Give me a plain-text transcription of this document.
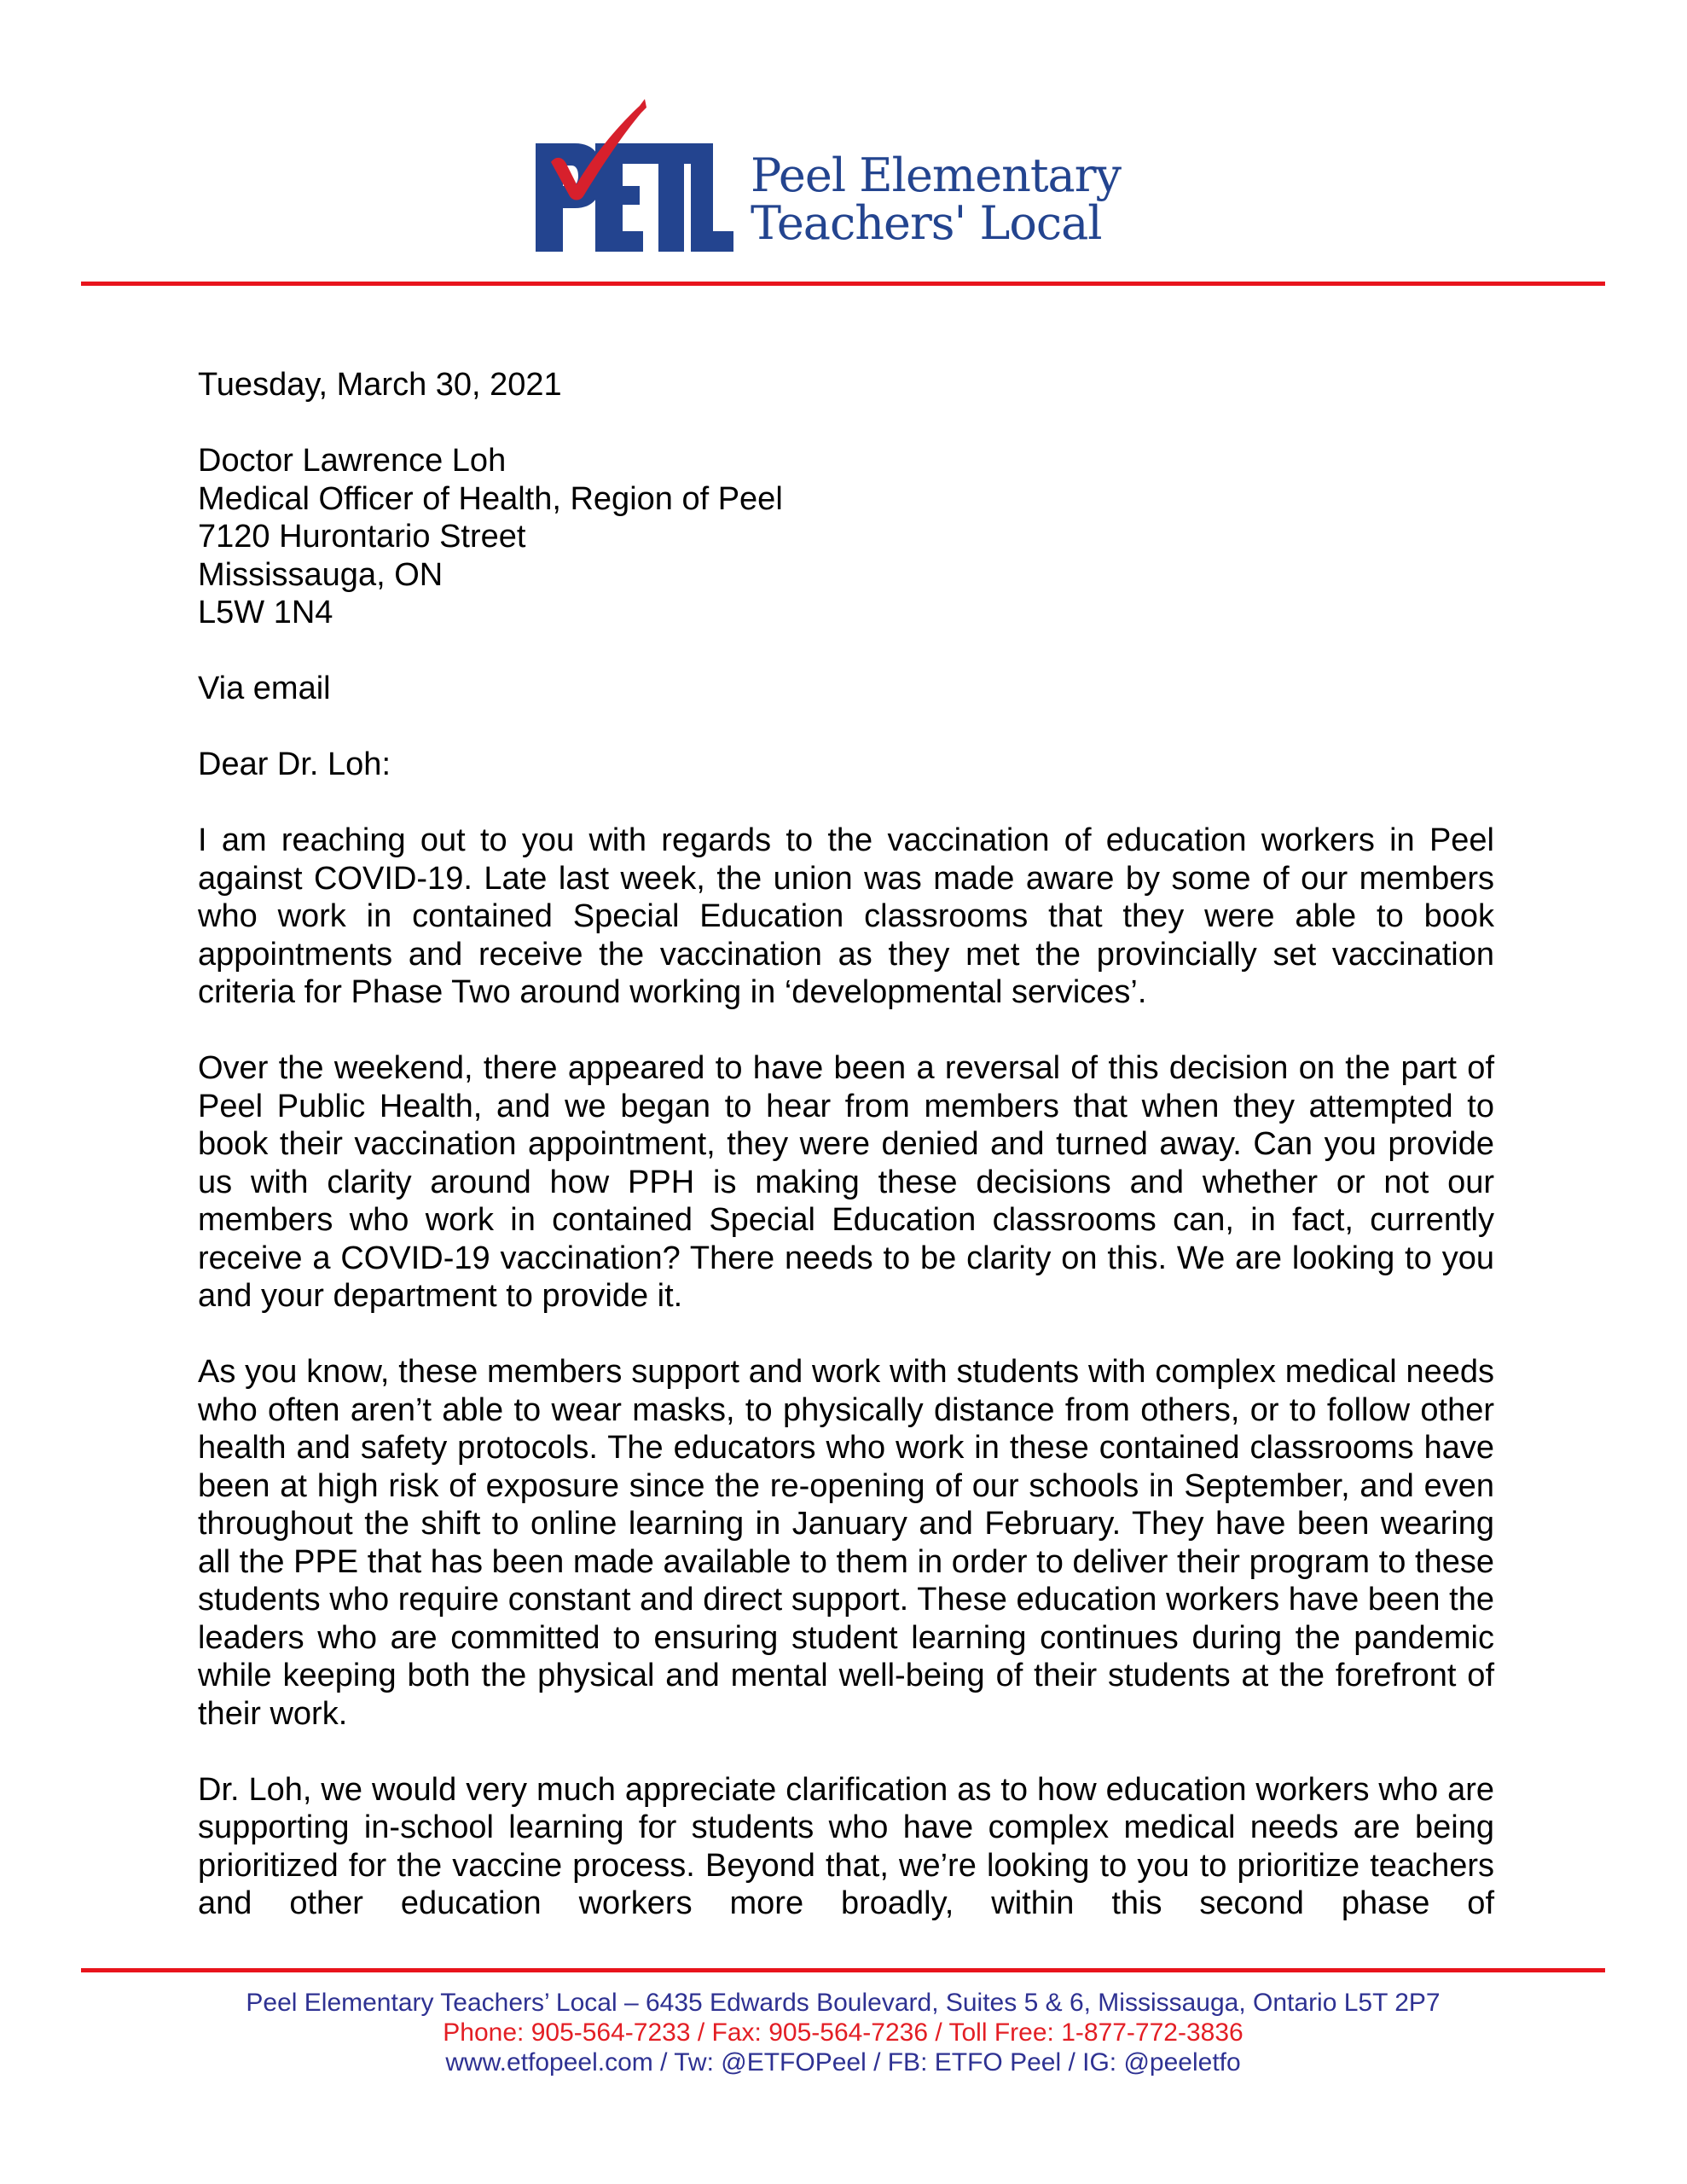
Peel Elementary
Teachers' Local
Tuesday, March 30, 2021
Doctor Lawrence Loh
Medical Officer of Health, Region of Peel
7120 Hurontario Street
Mississauga, ON
L5W 1N4
Via email
Dear Dr. Loh:

I am reaching out to you with regards to the vaccination of education workers in Peel against COVID-19. Late last week, the union was made aware by some of our members who work in contained Special Education classrooms that they were able to book appointments and receive the vaccination as they met the provincially set vaccination criteria for Phase Two around working in ‘developmental services’.

Over the weekend, there appeared to have been a reversal of this decision on the part of Peel Public Health, and we began to hear from members that when they attempted to book their vaccination appointment, they were denied and turned away. Can you provide us with clarity around how PPH is making these decisions and whether or not our members who work in contained Special Education classrooms can, in fact, currently receive a COVID-19 vaccination? There needs to be clarity on this. We are looking to you and your department to provide it.

As you know, these members support and work with students with complex medical needs who often aren’t able to wear masks, to physically distance from others, or to follow other health and safety protocols. The educators who work in these contained classrooms have been at high risk of exposure since the re-opening of our schools in September, and even throughout the shift to online learning in January and February. They have been wearing all the PPE that has been made available to them in order to deliver their program to these students who require constant and direct support. These education workers have been the leaders who are committed to ensuring student learning continues during the pandemic while keeping both the physical and mental well-being of their students at the forefront of their work.

Dr. Loh, we would very much appreciate clarification as to how education workers who are supporting in-school learning for students who have complex medical needs are being prioritized for the vaccine process. Beyond that, we’re looking to you to prioritize teachers and other education workers more broadly, within this second phase of

Peel Elementary Teachers’ Local – 6435 Edwards Boulevard, Suites 5 & 6, Mississauga, Ontario L5T 2P7
Phone: 905-564-7233 / Fax: 905-564-7236 / Toll Free: 1-877-772-3836
www.etfopeel.com / Tw: @ETFOPeel / FB: ETFO Peel / IG: @peeletfo
